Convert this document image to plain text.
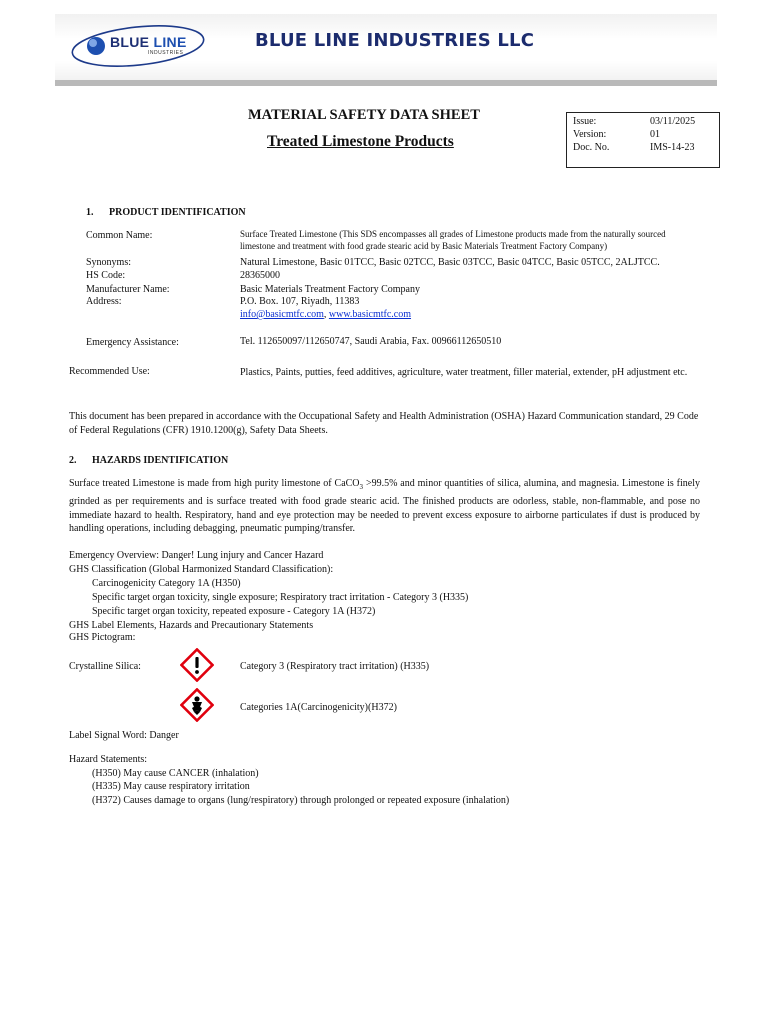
BLUE LINE
INDUSTRIES
BLUE LINE INDUSTRIES LLC
MATERIAL SAFETY DATA SHEET
Treated Limestone Products
Issue:	03/11/2025
Version:	01
Doc. No.	IMS-14-23
1. PRODUCT IDENTIFICATION
Common Name:	Surface Treated Limestone (This SDS encompasses all grades of Limestone products made from the naturally sourced limestone and treatment with food grade stearic acid by Basic Materials Treatment Factory Company)
Synonyms:	Natural Limestone, Basic 01TCC, Basic 02TCC, Basic 03TCC, Basic 04TCC, Basic 05TCC, 2ALJTCC.
HS Code:	28365000
Manufacturer Name:	Basic Materials Treatment Factory Company
Address:	P.O. Box. 107, Riyadh, 11383
info@basicmtfc.com, www.basicmtfc.com
Emergency Assistance:	Tel. 112650097/112650747, Saudi Arabia, Fax. 00966112650510
Recommended Use:	Plastics, Paints, putties, feed additives, agriculture, water treatment, filler material, extender, pH adjustment etc.
This document has been prepared in accordance with the Occupational Safety and Health Administration (OSHA) Hazard Communication standard, 29 Code of Federal Regulations (CFR) 1910.1200(g), Safety Data Sheets.
2. HAZARDS IDENTIFICATION
Surface treated Limestone is made from high purity limestone of CaCO$_3$ >99.5% and minor quantities of silica, alumina, and magnesia. Limestone is finely grinded as per requirements and is surface treated with food grade stearic acid. The finished products are odorless, stable, non-flammable, and pose no immediate hazard to health. Respiratory, hand and eye protection may be needed to prevent excess exposure to airborne particulates if dust is produced by handling operations, including debagging, pneumatic pumping/transfer.
Emergency Overview: Danger! Lung injury and Cancer Hazard
GHS Classification (Global Harmonized Standard Classification):
Carcinogenicity Category 1A (H350)
Specific target organ toxicity, single exposure; Respiratory tract irritation - Category 3 (H335)
Specific target organ toxicity, repeated exposure - Category 1A (H372)
GHS Label Elements, Hazards and Precautionary Statements
GHS Pictogram:
Crystalline Silica:	Category 3 (Respiratory tract irritation) (H335)
Categories 1A(Carcinogenicity)(H372)
Label Signal Word: Danger
Hazard Statements:
(H350) May cause CANCER (inhalation)
(H335) May cause respiratory irritation
(H372) Causes damage to organs (lung/respiratory) through prolonged or repeated exposure (inhalation)
